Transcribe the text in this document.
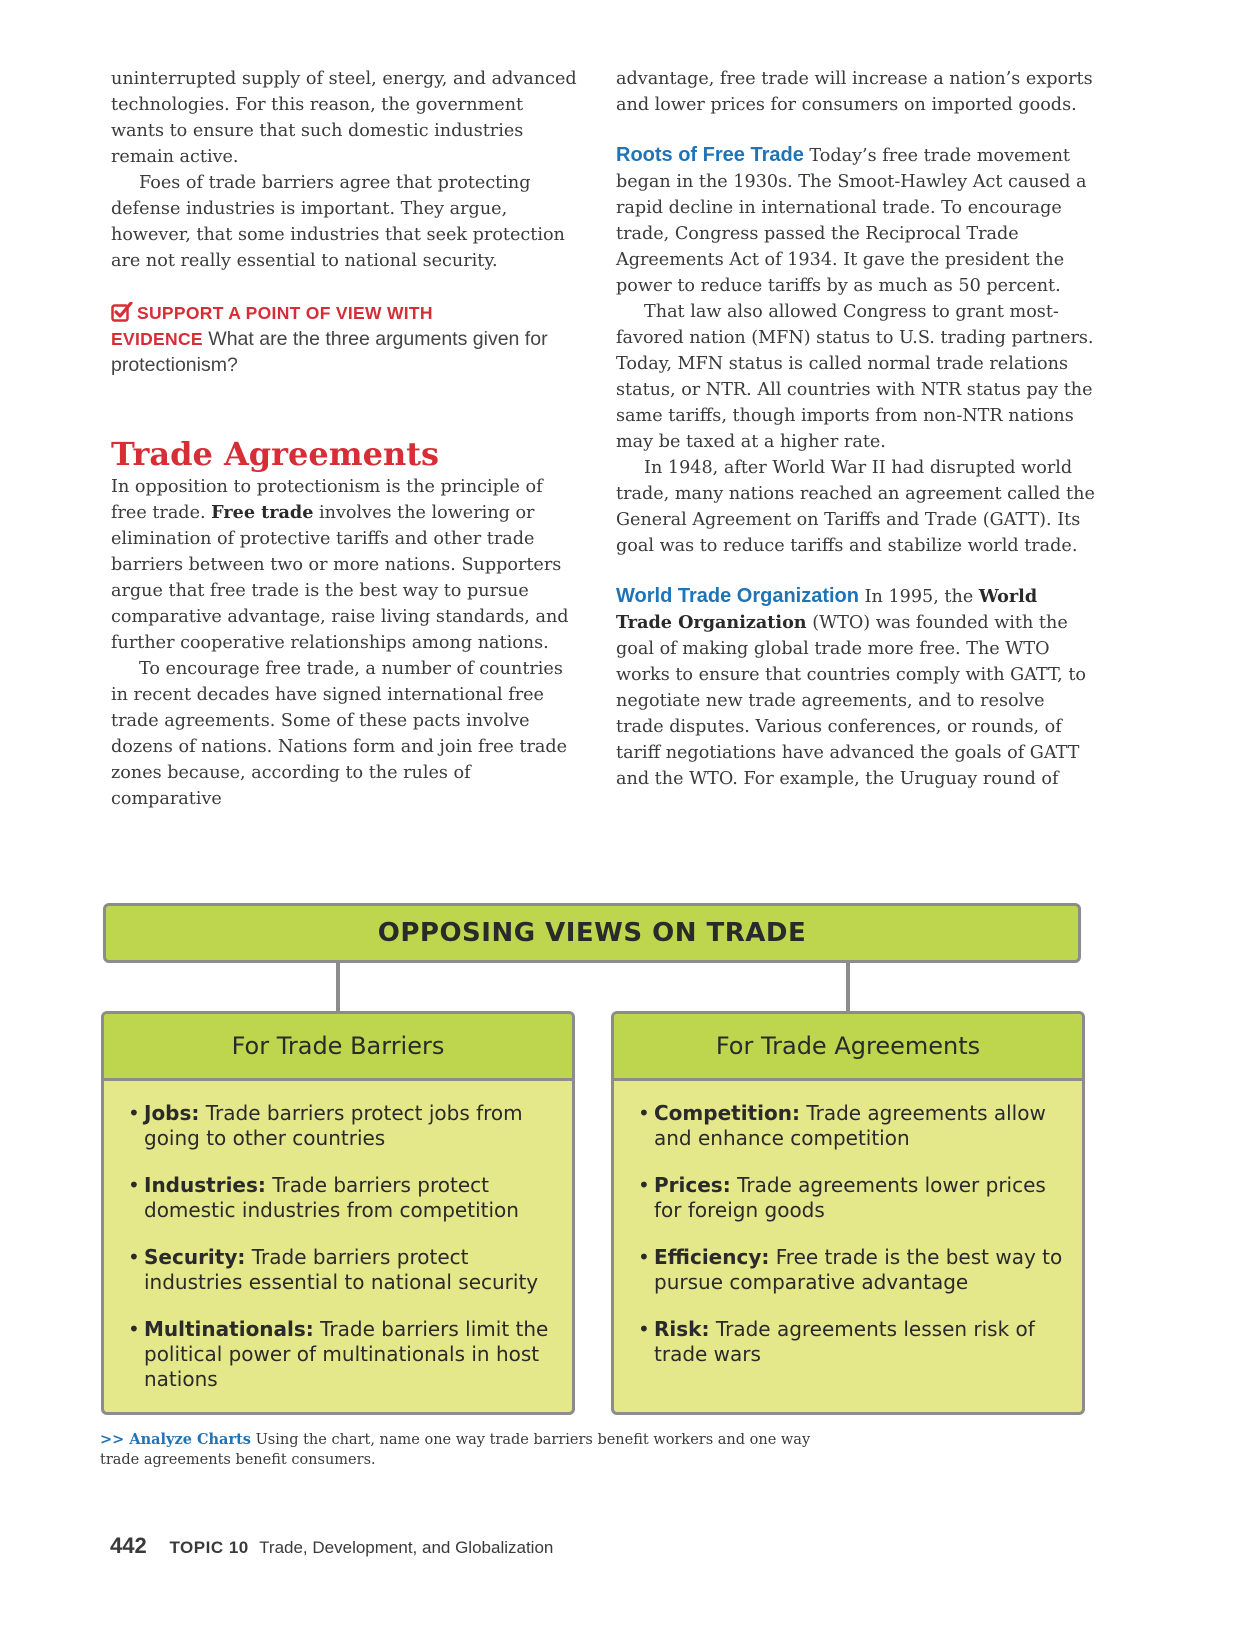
uninterrupted supply of steel, energy, and advanced technologies. For this reason, the government wants to ensure that such domestic industries remain active.

Foes of trade barriers agree that protecting defense industries is important. They argue, however, that some industries that seek protection are not really essential to national security.

SUPPORT A POINT OF VIEW WITH
EVIDENCE What are the three arguments given for protectionism?
Trade Agreements

In opposition to protectionism is the principle of free trade. Free trade involves the lowering or elimination of protective tariffs and other trade barriers between two or more nations. Supporters argue that free trade is the best way to pursue comparative advantage, raise living standards, and further cooperative relationships among nations.

To encourage free trade, a number of countries in recent decades have signed international free trade agreements. Some of these pacts involve dozens of nations. Nations form and join free trade zones because, according to the rules of comparative

advantage, free trade will increase a nation’s exports and lower prices for consumers on imported goods.

Roots of Free Trade Today’s free trade movement began in the 1930s. The Smoot-Hawley Act caused a rapid decline in international trade. To encourage trade, Congress passed the Reciprocal Trade Agreements Act of 1934. It gave the president the power to reduce tariffs by as much as 50 percent.

That law also allowed Congress to grant most-favored nation (MFN) status to U.S. trading partners. Today, MFN status is called normal trade relations status, or NTR. All countries with NTR status pay the same tariffs, though imports from non-NTR nations may be taxed at a higher rate.

In 1948, after World War II had disrupted world trade, many nations reached an agreement called the General Agreement on Tariffs and Trade (GATT). Its goal was to reduce tariffs and stabilize world trade.

World Trade Organization In 1995, the World Trade Organization (WTO) was founded with the goal of making global trade more free. The WTO works to ensure that countries comply with GATT, to negotiate new trade agreements, and to resolve trade disputes. Various conferences, or rounds, of tariff negotiations have advanced the goals of GATT and the WTO. For example, the Uruguay round of

OPPOSING VIEWS ON TRADE
For Trade Barriers
• Jobs: Trade barriers protect jobs from going to other countries
• Industries: Trade barriers protect domestic industries from competition
• Security: Trade barriers protect industries essential to national security
• Multinationals: Trade barriers limit the political power of multinationals in host nations
For Trade Agreements
• Competition: Trade agreements allow and enhance competition
• Prices: Trade agreements lower prices for foreign goods
• Efficiency: Free trade is the best way to pursue comparative advantage
• Risk: Trade agreements lessen risk of trade wars
>> Analyze Charts Using the chart, name one way trade barriers benefit workers and one way trade agreements benefit consumers.
442 TOPIC 10 Trade, Development, and Globalization
